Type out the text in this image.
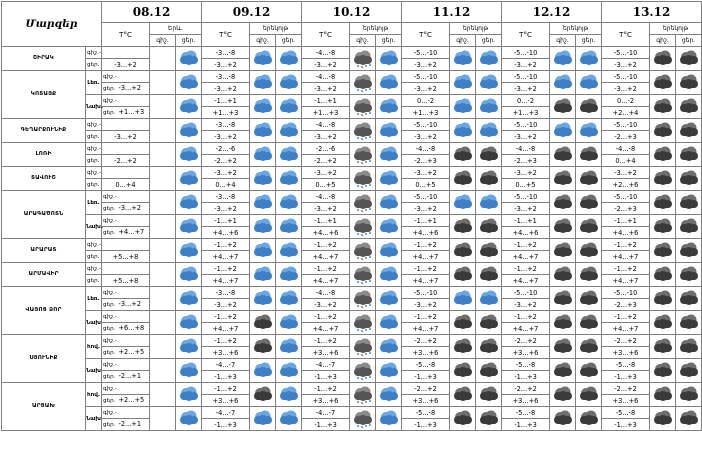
Մարզեր		08.12			09.12			10.12			11.12			12.12			13.12		
		T°C	Երև.		T°C	երեկոյթ		T°C	երեկոյթ		T°C	երեկոյթ		T°C	երեկոյթ		T°C	երեկոյթ	
			գիշ.	ցեր.		գիշ.	ցեր.		գիշ.	ցեր.		գիշ.	ցեր.		գիշ.	ցեր.		գիշ.	ցեր.
ՇԻՐԱԿ	գիշ.-				-3...-8			-4...-8			-5...-10			-5...-10			-5...-10	

	ցեր.	-3...+2			-3...+2			-3...+2			-3...+2			-3...+2			-3...+2		
ԿՈՏԱՅՔ	Լեռ.	գիշ.-			-3...-8			-4...-8			-5...-10			-5...-10			-5...-10	

		ցեր. -3...+2			-3...+2			-3...+2			-3...+2			-3...+2			-3...+2		
	Նախ.	գիշ.-			-1...+1			-1...+1			0...-2			0...-2			0...-2	

		ցեր. +1...+3			+1...+3			+1...+3			+1...+3			+1...+3			+2...+4		
ԳԵՂԱՐՔՈՒՆԻՔ	գիշ.-				-3...-8			-4...-8			-5...-10			-5...-10			-5...-10	

	ցեր.	-3...+2			-3...+2			-3...+2			-3...+2			-3...+2			-2...+3		
ԼՈՌԻ	գիշ.-				-2...-6			-2...-6			-4...-8			-4...-8			-4...-8	

	ցեր.	-2...+2			-2...+2			-2...+2			-2...+3			-2...+3			0...+4		
ՏԱՎՈՒՇ	գիշ.-				-3...+2			-3...+2			-3...+2			-3...+2			-3...+2	

	ցեր.	0...+4			0...+4			0...+5			0...+5			0...+5			+2...+6		
ԱՐԱԳԱԾՈՏՆ	Լեռ.	գիշ.-			-3...-8			-4...-8			-5...-10			-5...-10			-5...-10	

		ցեր. -3...+2			-3...+2			-3...+2			-3...+2			-3...+2			-2...+3		
	Նախ.	գիշ.-			-1...+1			-1...+1			-1...+1			-1...+1			-1...+1	

		ցեր. +4...+7			+4...+6			+4...+6			+4...+6			+4...+6			+4...+6		
ԱՐԱՐԱՏ	գիշ.-				-1...+2			-1...+2			-1...+2			-1...+2			-1...+2	

	ցեր.	+5...+8			+4...+7			+4...+7			+4...+7			+4...+7			+4...+7		
ԱՐՄԱՎԻՐ	գիշ.-				-1...+2			-1...+2			-1...+2			-1...+2			-1...+2	

	ցեր.	+5...+8			+4...+7			+4...+7			+4...+7			+4...+7			+4...+7		
ՎԱՅՈՑ ՁՈՐ	Լեռ.	գիշ.-			-3...-8			-4...-8			-5...-10			-5...-10			-5...-10	

		ցեր. -3...+2			-3...+2			-3...+2			-3...+2			-3...+2			-2...+3		
	Նախ	գիշ.-			-1...+2			-1...+2			-1...+2			-1...+2			-1...+2	

		ցեր. +6...+8			+4...+7			+4...+7			+4...+7			+4...+7			+4...+7		
ՍՅՈՒՆԻՔ	հով.	գիշ.-			-1...+2			-1...+2			-2...+2			-2...+2			-2...+2	

		ցեր. +2...+5			+3...+6			+3...+6			+3...+6			+3...+6			+3...+6		
	Նախ	գիշ.-			-4...-7			-4...-7			-5...-8			-5...-8			-5...-8	

		ցեր. -2...+1			-1...+3			-1...+3			-1...+3			-1...+3			-1...+3		
ԱՐՑԱԽ	հով.	գիշ.-			-1...+2			-1...+2			-2...+2			-2...+2			-2...+2	

		ցեր. +2...+5			+3...+6			+3...+6			+3...+6			+3...+6			+3...+6		
	Նախ	գիշ.-			-4...-7			-4...-7			-5...-8			-5...-8			-5...-8	

		ցեր. -2...+1			-1...+3			-1...+3			-1...+3			-1...+3			-1...+3		
